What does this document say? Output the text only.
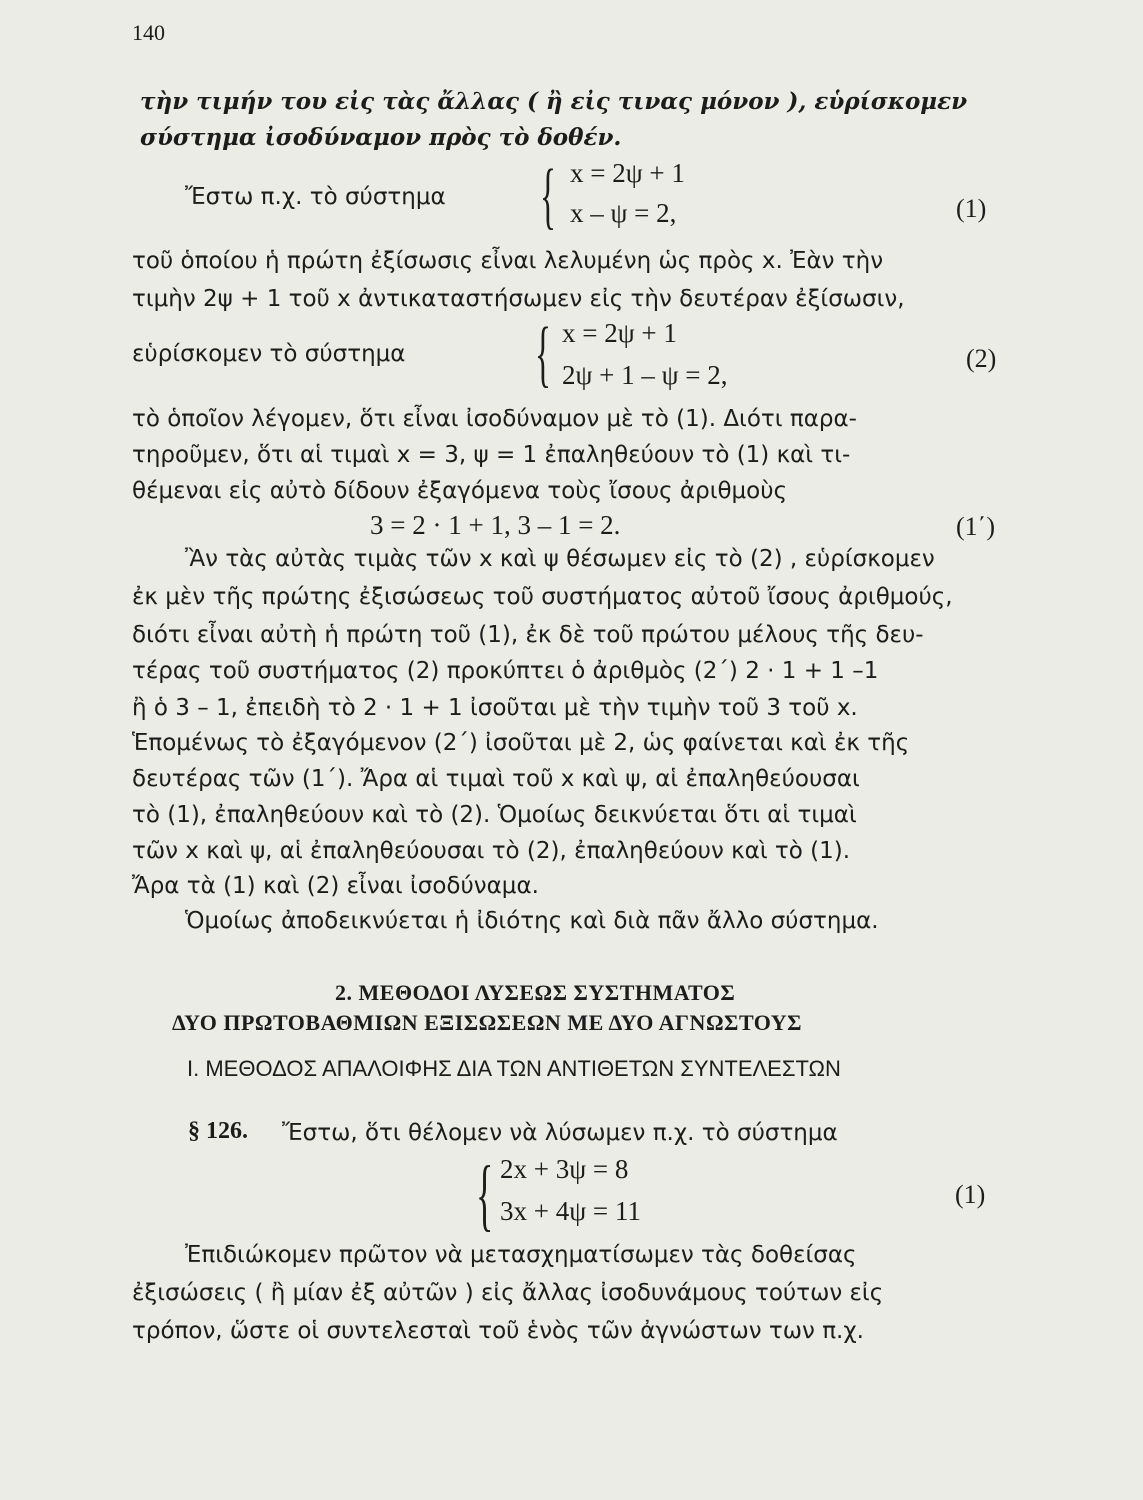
140
τὴν τιμήν του εἰς τὰς ἄλλας ( ἢ εἰς τινας μόνον ), εὑρίσκομεν
σύστημα ἰσοδύναμον πρὸς τὸ δοθέν.
Ἔστω π.χ. τὸ σύστημα { x = 2ψ + 1
x – ψ = 2,	(1)
τοῦ ὁποίου ἡ πρώτη ἐξίσωσις εἶναι λελυμένη ὡς πρὸς x. Ἐὰν τὴν
τιμὴν 2ψ + 1 τοῦ x ἀντικαταστήσωμεν εἰς τὴν δευτέραν ἐξίσωσιν,
εὑρίσκομεν τὸ σύστημα { x = 2ψ + 1
2ψ + 1 – ψ = 2,
(2)
τὸ ὁποῖον λέγομεν, ὅτι εἶναι ἰσοδύναμον μὲ τὸ (1). Διότι παρα-
τηροῦμεν, ὅτι αἱ τιμαὶ x = 3, ψ = 1 ἐπαληθεύουν τὸ (1) καὶ τι-
θέμεναι εἰς αὐτὸ δίδουν ἐξαγόμενα τοὺς ἴσους ἀριθμοὺς
3 = 2 · 1 + 1, 3 – 1 = 2.	(1΄)
Ἂν τὰς αὐτὰς τιμὰς τῶν x καὶ ψ θέσωμεν εἰς τὸ (2) , εὑρίσκομεν
ἐκ μὲν τῆς πρώτης ἐξισώσεως τοῦ συστήματος αὐτοῦ ἴσους ἀριθμούς,
διότι εἶναι αὐτὴ ἡ πρώτη τοῦ (1), ἐκ δὲ τοῦ πρώτου μέλους τῆς δευ-
τέρας τοῦ συστήματος (2) προκύπτει ὁ ἀριθμὸς (2΄) 2 · 1 + 1 –1
ἢ ὁ 3 – 1, ἐπειδὴ τὸ 2 · 1 + 1 ἰσοῦται μὲ τὴν τιμὴν τοῦ 3 τοῦ x.
Ἑπομένως τὸ ἐξαγόμενον (2΄) ἰσοῦται μὲ 2, ὡς φαίνεται καὶ ἐκ τῆς
δευτέρας τῶν (1΄). Ἄρα αἱ τιμαὶ τοῦ x καὶ ψ, αἱ ἐπαληθεύουσαι
τὸ (1), ἐπαληθεύουν καὶ τὸ (2). Ὁμοίως δεικνύεται ὅτι αἱ τιμαὶ
τῶν x καὶ ψ, αἱ ἐπαληθεύουσαι τὸ (2), ἐπαληθεύουν καὶ τὸ (1).
Ἄρα τὰ (1) καὶ (2) εἶναι ἰσοδύναμα.
Ὁμοίως ἀποδεικνύεται ἡ ἰδιότης καὶ διὰ πᾶν ἄλλο σύστημα.
2. ΜΕΘΟΔΟΙ ΛΥΣΕΩΣ ΣΥΣΤΗΜΑΤΟΣ
ΔΥΟ ΠΡΩΤΟΒΑΘΜΙΩΝ ΕΞΙΣΩΣΕΩΝ ΜΕ ΔΥΟ ΑΓΝΩΣΤΟΥΣ
I. ΜΕΘΟΔΟΣ ΑΠΑΛΟΙΦΗΣ ΔΙΑ ΤΩΝ ΑΝΤΙΘΕΤΩΝ ΣΥΝΤΕΛΕΣΤΩΝ
§ 126. Ἔστω, ὅτι θέλομεν νὰ λύσωμεν π.χ. τὸ σύστημα
{ 2x + 3ψ = 8
3x + 4ψ = 11
(1)
Ἐπιδιώκομεν πρῶτον νὰ μετασχηματίσωμεν τὰς δοθείσας
ἐξισώσεις ( ἢ μίαν ἐξ αὐτῶν ) εἰς ἄλλας ἰσοδυνάμους τούτων εἰς
τρόπον, ὥστε οἱ συντελεσταὶ τοῦ ἑνὸς τῶν ἀγνώστων των π.χ.
